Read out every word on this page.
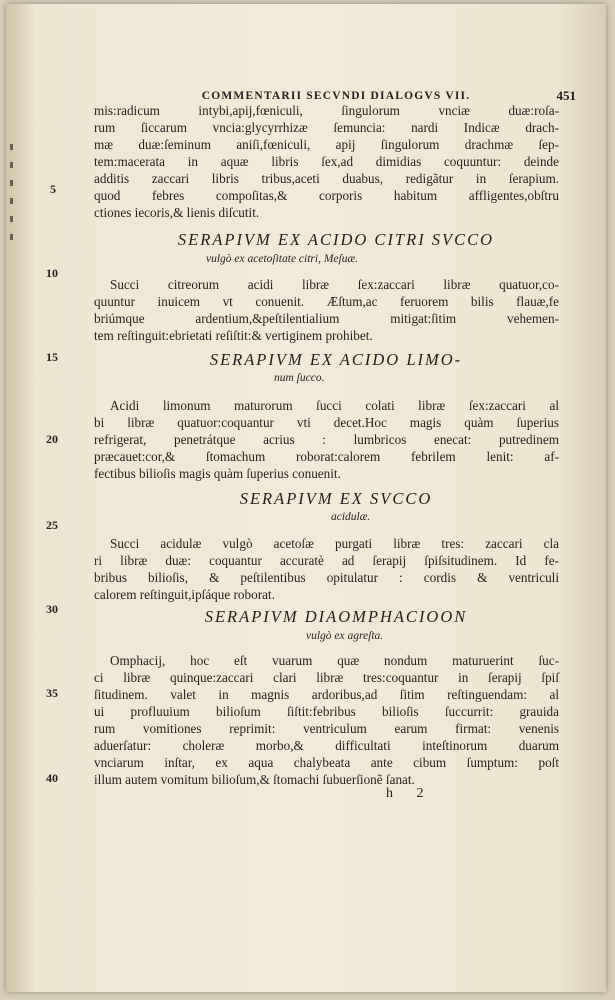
COMMENTARII SECVNDI DIALOGVS VII.	451
mis:radicum intybi,apij,fœniculi, ſingulorum vnciæ duæ:roſa-
rum ſiccarum vncia:glycyrrhizæ ſemuncia: nardi Indicæ drach-
mæ duæ:ſeminum aniſi,fœniculi, apij ſingulorum drachmæ ſep-
tem:macerata in aquæ libris ſex,ad dimidias coquuntur: deinde
additis zaccari libris tribus,aceti duabus, redigãtur in ſerapium.
quod febres compoſitas,& corporis habitum affligentes,obſtru
ctiones iecoris,& lienis diſcutit.
SERAPIVM EX ACIDO CITRI SVCCO
vulgò ex acetoſitate citri, Meſuæ.
Succi citreorum acidi libræ ſex:zaccari libræ quatuor,co-
quuntur inuicem vt conuenit. Æſtum,ac feruorem bilis flauæ,fe
briúmque ardentium,&peſtilentialium mitigat:ſitim vehemen-
tem reſtinguit:ebrietati reſiſtit:& vertiginem prohibet.
SERAPIVM EX ACIDO LIMO-
num ſucco.
Acidi limonum maturorum ſucci colati libræ ſex:zaccari al
bi libræ quatuor:coquantur vti decet.Hoc magis quàm ſuperius
refrigerat, penetrátque acrius : lumbricos enecat: putredinem
præcauet:cor,& ſtomachum roborat:calorem febrilem lenit: af-
fectibus bilioſis magis quàm ſuperius conuenit.
SERAPIVM EX SVCCO
acidulæ.
Succi acidulæ vulgò acetoſæ purgati libræ tres: zaccari cla
ri libræ duæ: coquantur accuratè ad ſerapij ſpiſsitudinem. Id fe-
bribus bilioſis, & peſtilentibus opitulatur : cordis & ventriculi
calorem reſtinguit,ipſáque roborat.
SERAPIVM DIAOMPHACIOON
vulgò ex agreſta.
Omphacij, hoc eſt vuarum quæ nondum maturuerint ſuc-
ci libræ quinque:zaccari clari libræ tres:coquantur in ſerapij ſpiſ
ſitudinem. valet in magnis ardoribus,ad ſitim reſtinguendam: al
ui profluuium bilioſum ſiſtit:febribus bilioſis ſuccurrit: grauida
rum vomitiones reprimit: ventriculum earum firmat: venenis
aduerſatur: choleræ morbo,& difficultati inteſtinorum duarum
vnciarum inſtar, ex aqua chalybeata ante cibum ſumptum: poſt
illum autem vomitum bilioſum,& ſtomachi ſubuerſionẽ ſanat.
5
10
15
20
25
30
35
40
h 2
